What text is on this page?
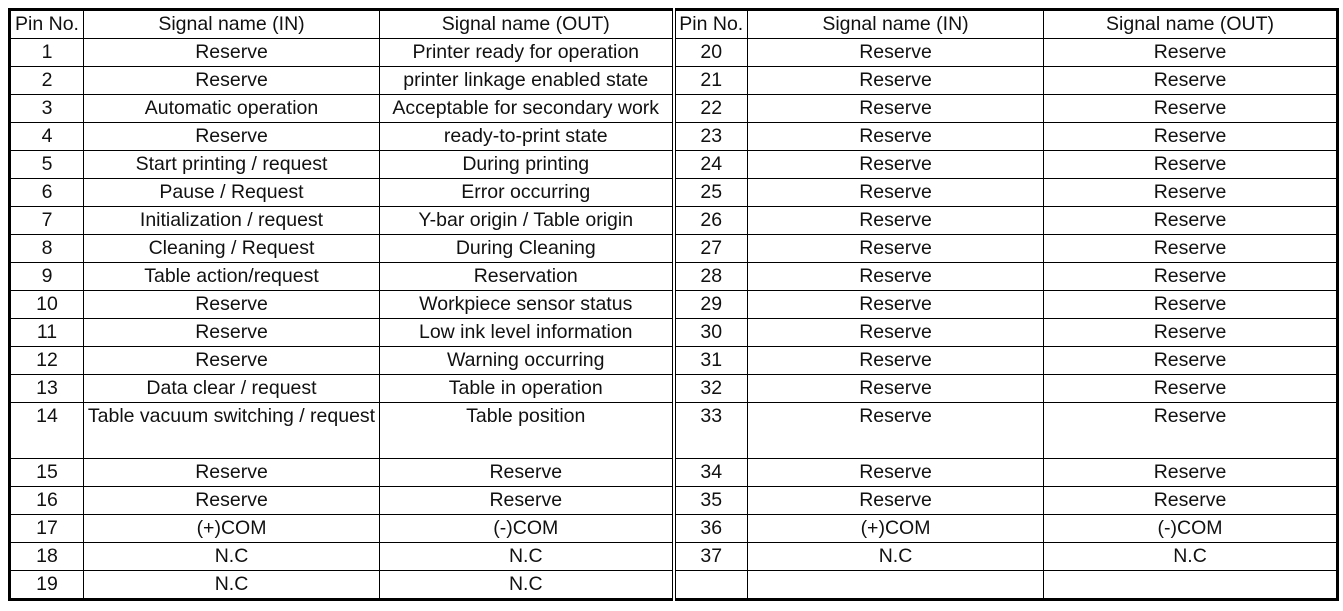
Pin No.	Signal name (IN)	Signal name (OUT)	Pin No.	Signal name (IN)	Signal name (OUT)
1	Reserve	Printer ready for operation	20	Reserve	Reserve
2	Reserve	printer linkage enabled state	21	Reserve	Reserve
3	Automatic operation	Acceptable for secondary work	22	Reserve	Reserve
4	Reserve	ready-to-print state	23	Reserve	Reserve
5	Start printing / request	During printing	24	Reserve	Reserve
6	Pause / Request	Error occurring	25	Reserve	Reserve
7	Initialization / request	Y-bar origin / Table origin	26	Reserve	Reserve
8	Cleaning / Request	During Cleaning	27	Reserve	Reserve
9	Table action/request	Reservation	28	Reserve	Reserve
10	Reserve	Workpiece sensor status	29	Reserve	Reserve
11	Reserve	Low ink level information	30	Reserve	Reserve
12	Reserve	Warning occurring	31	Reserve	Reserve
13	Data clear / request	Table in operation	32	Reserve	Reserve
14	Table vacuum switching / request	Table position	33	Reserve	Reserve
15	Reserve	Reserve	34	Reserve	Reserve
16	Reserve	Reserve	35	Reserve	Reserve
17	(+)COM	(-)COM	36	(+)COM	(-)COM
18	N.C	N.C	37	N.C	N.C
19	N.C	N.C			
